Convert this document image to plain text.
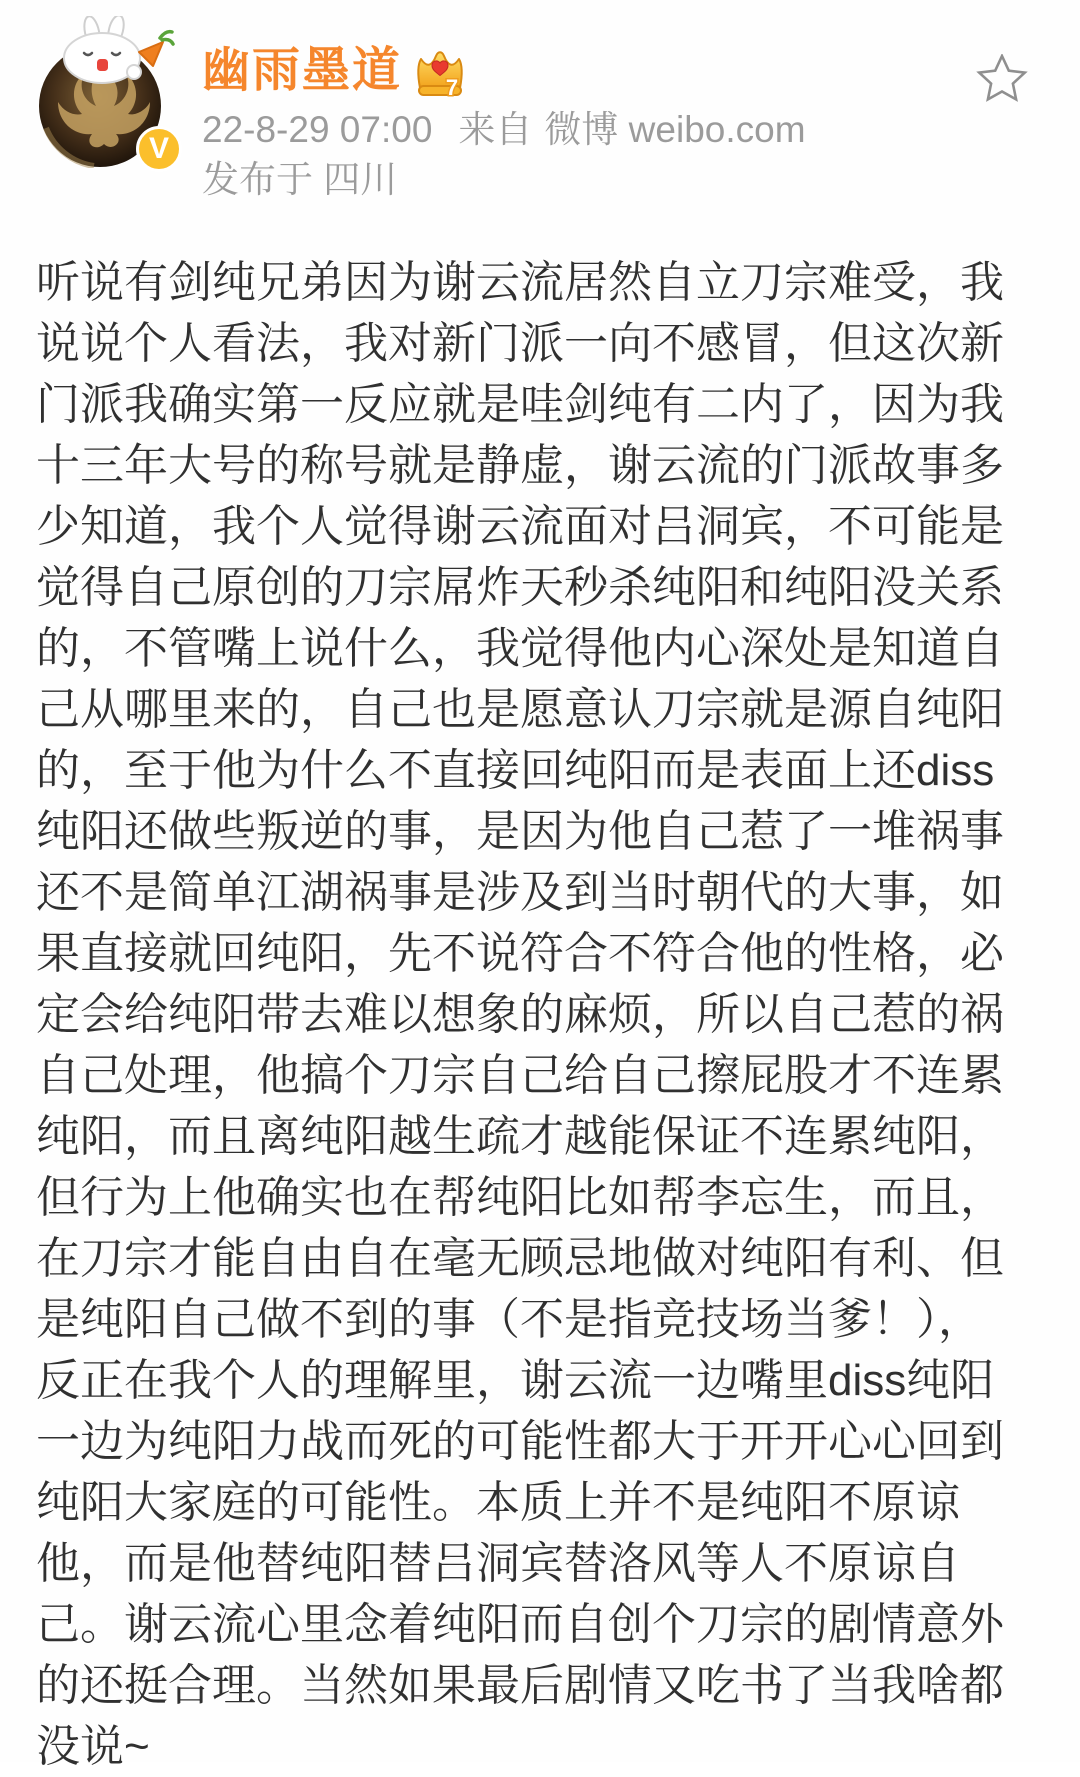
V
幽雨墨道 7
22-8-29 07:00 来自 微博 weibo.com
发布于 四川
听说有剑纯兄弟因为谢云流居然自立刀宗难受，我
说说个人看法，我对新门派一向不感冒，但这次新
门派我确实第一反应就是哇剑纯有二内了，因为我
十三年大号的称号就是静虚，谢云流的门派故事多
少知道，我个人觉得谢云流面对吕洞宾，不可能是
觉得自己原创的刀宗屌炸天秒杀纯阳和纯阳没关系
的，不管嘴上说什么，我觉得他内心深处是知道自
己从哪里来的，自己也是愿意认刀宗就是源自纯阳
的，至于他为什么不直接回纯阳而是表面上还diss
纯阳还做些叛逆的事，是因为他自己惹了一堆祸事
还不是简单江湖祸事是涉及到当时朝代的大事，如
果直接就回纯阳，先不说符合不符合他的性格，必
定会给纯阳带去难以想象的麻烦，所以自己惹的祸
自己处理，他搞个刀宗自己给自己擦屁股才不连累
纯阳，而且离纯阳越生疏才越能保证不连累纯阳，
但行为上他确实也在帮纯阳比如帮李忘生，而且，
在刀宗才能自由自在毫无顾忌地做对纯阳有利、但
是纯阳自己做不到的事（不是指竞技场当爹！），
反正在我个人的理解里，谢云流一边嘴里diss纯阳
一边为纯阳力战而死的可能性都大于开开心心回到
纯阳大家庭的可能性。本质上并不是纯阳不原谅
他，而是他替纯阳替吕洞宾替洛风等人不原谅自
己。谢云流心里念着纯阳而自创个刀宗的剧情意外
的还挺合理。当然如果最后剧情又吃书了当我啥都
没说~
